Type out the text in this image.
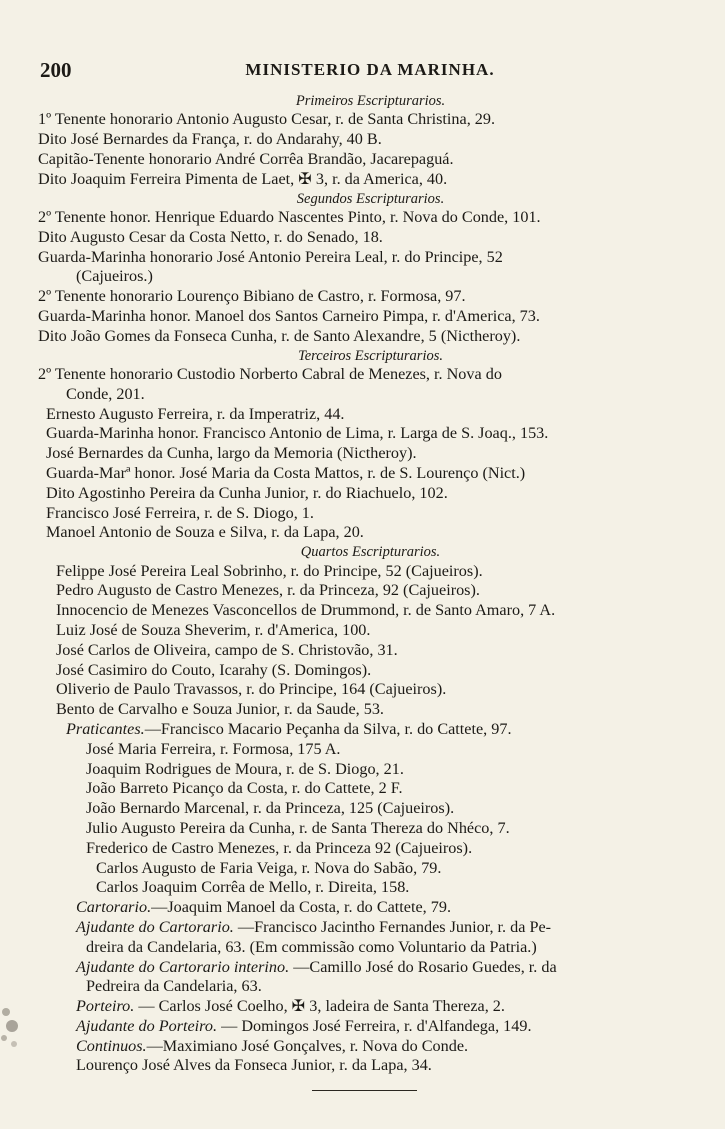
200	MINISTERIO DA MARINHA.
Primeiros Escripturarios.
1º Tenente honorario Antonio Augusto Cesar, r. de Santa Christina, 29.
Dito José Bernardes da França, r. do Andarahy, 40 B.
Capitão-Tenente honorario André Corrêa Brandão, Jacarepaguá.
Dito Joaquim Ferreira Pimenta de Laet, ✠ 3, r. da America, 40.
Segundos Escripturarios.
2º Tenente honor. Henrique Eduardo Nascentes Pinto, r. Nova do Conde, 101.
Dito Augusto Cesar da Costa Netto, r. do Senado, 18.
Guarda-Marinha honorario José Antonio Pereira Leal, r. do Principe, 52
(Cajueiros.)
2º Tenente honorario Lourenço Bibiano de Castro, r. Formosa, 97.
Guarda-Marinha honor. Manoel dos Santos Carneiro Pimpa, r. d'America, 73.
Dito João Gomes da Fonseca Cunha, r. de Santo Alexandre, 5 (Nictheroy).
Terceiros Escripturarios.
2º Tenente honorario Custodio Norberto Cabral de Menezes, r. Nova do
Conde, 201.
Ernesto Augusto Ferreira, r. da Imperatriz, 44.
Guarda-Marinha honor. Francisco Antonio de Lima, r. Larga de S. Joaq., 153.
José Bernardes da Cunha, largo da Memoria (Nictheroy).
Guarda-Marª honor. José Maria da Costa Mattos, r. de S. Lourenço (Nict.)
Dito Agostinho Pereira da Cunha Junior, r. do Riachuelo, 102.
Francisco José Ferreira, r. de S. Diogo, 1.
Manoel Antonio de Souza e Silva, r. da Lapa, 20.
Quartos Escripturarios.
Felippe José Pereira Leal Sobrinho, r. do Principe, 52 (Cajueiros).
Pedro Augusto de Castro Menezes, r. da Princeza, 92 (Cajueiros).
Innocencio de Menezes Vasconcellos de Drummond, r. de Santo Amaro, 7 A.
Luiz José de Souza Sheverim, r. d'America, 100.
José Carlos de Oliveira, campo de S. Christovão, 31.
José Casimiro do Couto, Icarahy (S. Domingos).
Oliverio de Paulo Travassos, r. do Principe, 164 (Cajueiros).
Bento de Carvalho e Souza Junior, r. da Saude, 53.
Praticantes.—Francisco Macario Peçanha da Silva, r. do Cattete, 97.
José Maria Ferreira, r. Formosa, 175 A.
Joaquim Rodrigues de Moura, r. de S. Diogo, 21.
João Barreto Picanço da Costa, r. do Cattete, 2 F.
João Bernardo Marcenal, r. da Princeza, 125 (Cajueiros).
Julio Augusto Pereira da Cunha, r. de Santa Thereza do Nhéco, 7.
Frederico de Castro Menezes, r. da Princeza 92 (Cajueiros).
Carlos Augusto de Faria Veiga, r. Nova do Sabão, 79.
Carlos Joaquim Corrêa de Mello, r. Direita, 158.
Cartorario.—Joaquim Manoel da Costa, r. do Cattete, 79.
Ajudante do Cartorario. —Francisco Jacintho Fernandes Junior, r. da Pe-
dreira da Candelaria, 63. (Em commissão como Voluntario da Patria.)
Ajudante do Cartorario interino. —Camillo José do Rosario Guedes, r. da
Pedreira da Candelaria, 63.
Porteiro. — Carlos José Coelho, ✠ 3, ladeira de Santa Thereza, 2.
Ajudante do Porteiro. — Domingos José Ferreira, r. d'Alfandega, 149.
Continuos.—Maximiano José Gonçalves, r. Nova do Conde.
Lourenço José Alves da Fonseca Junior, r. da Lapa, 34.
